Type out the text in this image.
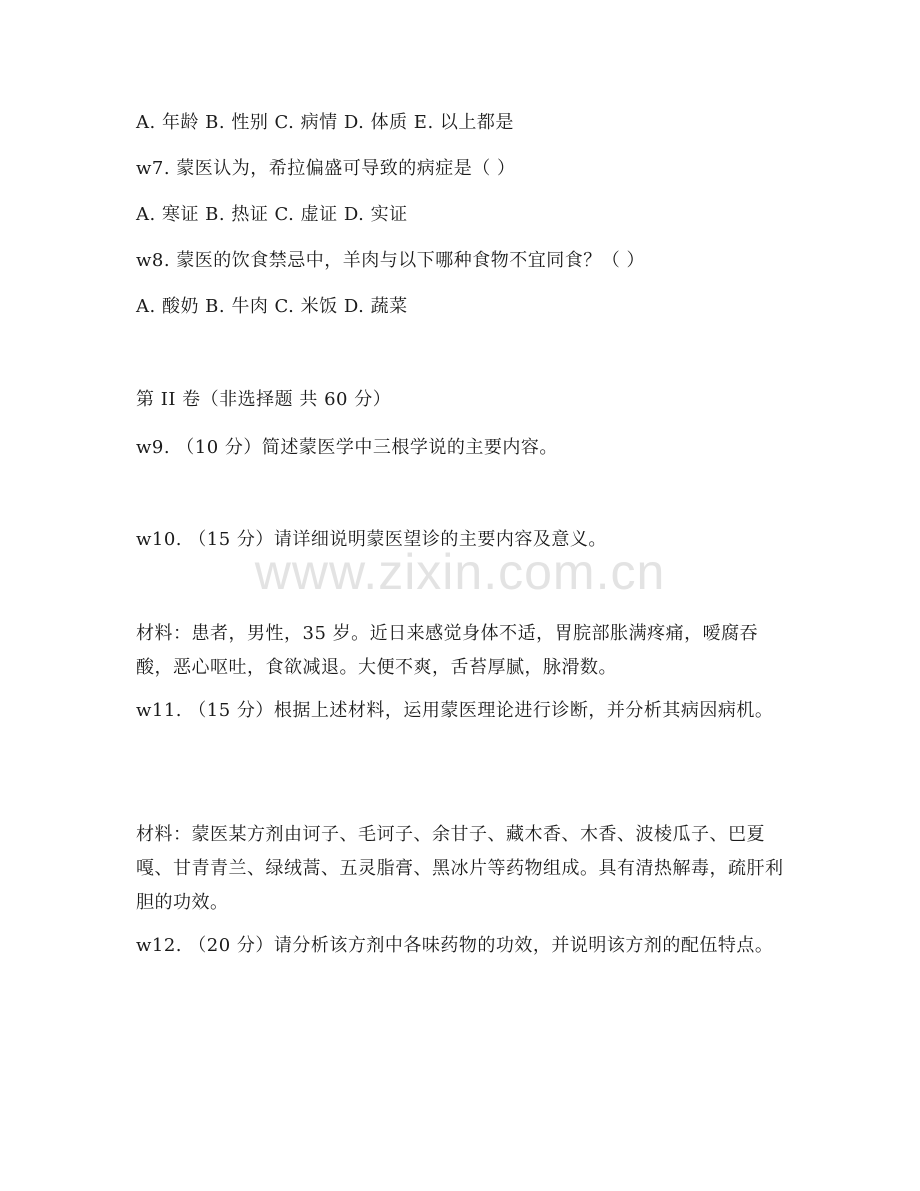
www.zixin.com.cn
A. 年龄 B. 性别 C. 病情 D. 体质 E. 以上都是
w7. 蒙医认为，希拉偏盛可导致的病症是（ ）
A. 寒证 B. 热证 C. 虚证 D. 实证
w8. 蒙医的饮食禁忌中，羊肉与以下哪种食物不宜同食？（ ）
A. 酸奶 B. 牛肉 C. 米饭 D. 蔬菜
第 II 卷（非选择题 共 60 分）
w9. （10 分）简述蒙医学中三根学说的主要内容。
w10. （15 分）请详细说明蒙医望诊的主要内容及意义。
材料：患者，男性，35 岁。近日来感觉身体不适，胃脘部胀满疼痛，嗳腐吞酸，恶心呕吐，食欲减退。大便不爽，舌苔厚腻，脉滑数。
w11. （15 分）根据上述材料，运用蒙医理论进行诊断，并分析其病因病机。
材料：蒙医某方剂由诃子、毛诃子、余甘子、藏木香、木香、波棱瓜子、巴夏嘎、甘青青兰、绿绒蒿、五灵脂膏、黑冰片等药物组成。具有清热解毒，疏肝利胆的功效。
w12. （20 分）请分析该方剂中各味药物的功效，并说明该方剂的配伍特点。
